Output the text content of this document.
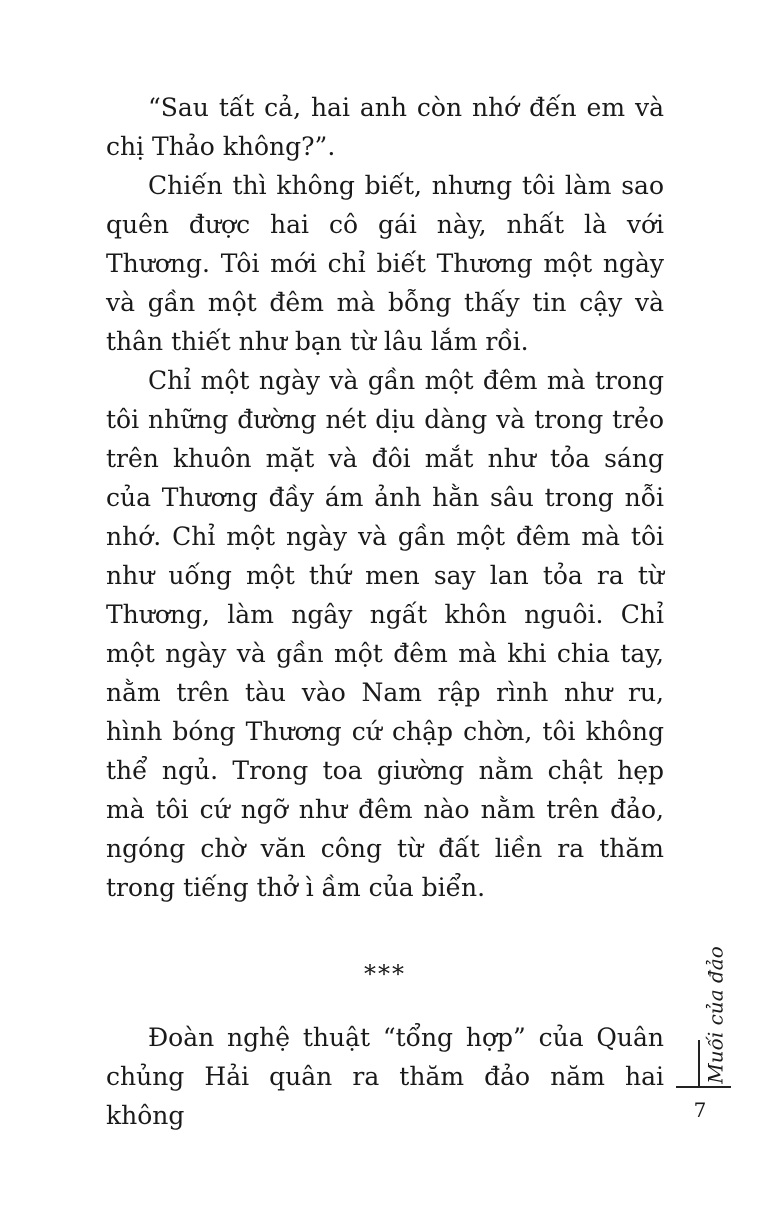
“Sau tất cả, hai anh còn nhớ đến em và chị Thảo không?”.

Chiến thì không biết, nhưng tôi làm sao quên được hai cô gái này, nhất là với Thương. Tôi mới chỉ biết Thương một ngày và gần một đêm mà bỗng thấy tin cậy và thân thiết như bạn từ lâu lắm rồi.

Chỉ một ngày và gần một đêm mà trong tôi những đường nét dịu dàng và trong trẻo trên khuôn mặt và đôi mắt như tỏa sáng của Thương đầy ám ảnh hằn sâu trong nỗi nhớ. Chỉ một ngày và gần một đêm mà tôi như uống một thứ men say lan tỏa ra từ Thương, làm ngây ngất khôn nguôi. Chỉ một ngày và gần một đêm mà khi chia tay, nằm trên tàu vào Nam rập rình như ru, hình bóng Thương cứ chập chờn, tôi không thể ngủ. Trong toa giường nằm chật hẹp mà tôi cứ ngỡ như đêm nào nằm trên đảo, ngóng chờ văn công từ đất liền ra thăm trong tiếng thở ì ầm của biển.

***

Đoàn nghệ thuật “tổng hợp” của Quân chủng Hải quân ra thăm đảo năm hai không

Muối của đảo
7
